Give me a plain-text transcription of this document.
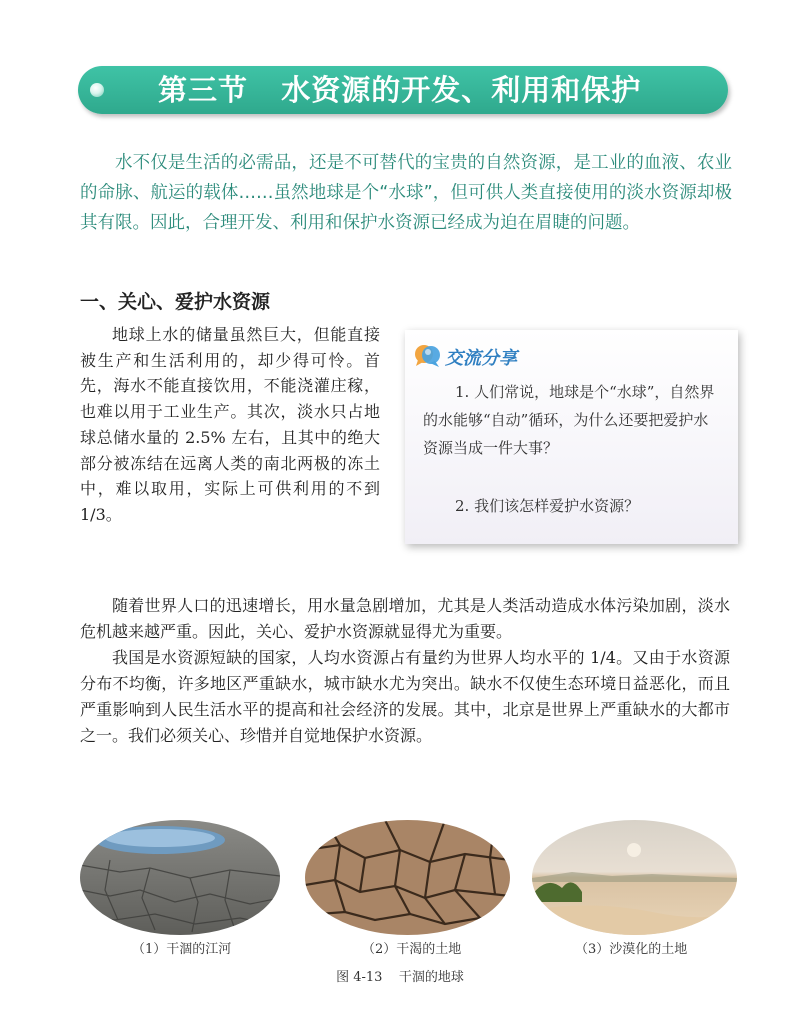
第三节   水资源的开发、利用和保护

水不仅是生活的必需品，还是不可替代的宝贵的自然资源，是工业的血液、农业的命脉、航运的载体……虽然地球是个“水球”，但可供人类直接使用的淡水资源却极其有限。因此，合理开发、利用和保护水资源已经成为迫在眉睫的问题。

一、关心、爱护水资源

地球上水的储量虽然巨大，但能直接被生产和生活利用的，却少得可怜。首先，海水不能直接饮用，不能浇灌庄稼，也难以用于工业生产。其次，淡水只占地球总储水量的 2.5% 左右，且其中的绝大部分被冻结在远离人类的南北两极的冻土中，难以取用，实际上可供利用的不到 1/3。

交流分享

1. 人们常说，地球是个“水球”，自然界的水能够“自动”循环，为什么还要把爱护水资源当成一件大事？

2. 我们该怎样爱护水资源？

随着世界人口的迅速增长，用水量急剧增加，尤其是人类活动造成水体污染加剧，淡水危机越来越严重。因此，关心、爱护水资源就显得尤为重要。

我国是水资源短缺的国家，人均水资源占有量约为世界人均水平的 1/4。又由于水资源分布不均衡，许多地区严重缺水，城市缺水尤为突出。缺水不仅使生态环境日益恶化，而且严重影响到人民生活水平的提高和社会经济的发展。其中，北京是世界上严重缺水的大都市之一。我们必须关心、珍惜并自觉地保护水资源。

（1）干涸的江河	（2）干渴的土地	（3）沙漠化的土地
图 4-13    干涸的地球
